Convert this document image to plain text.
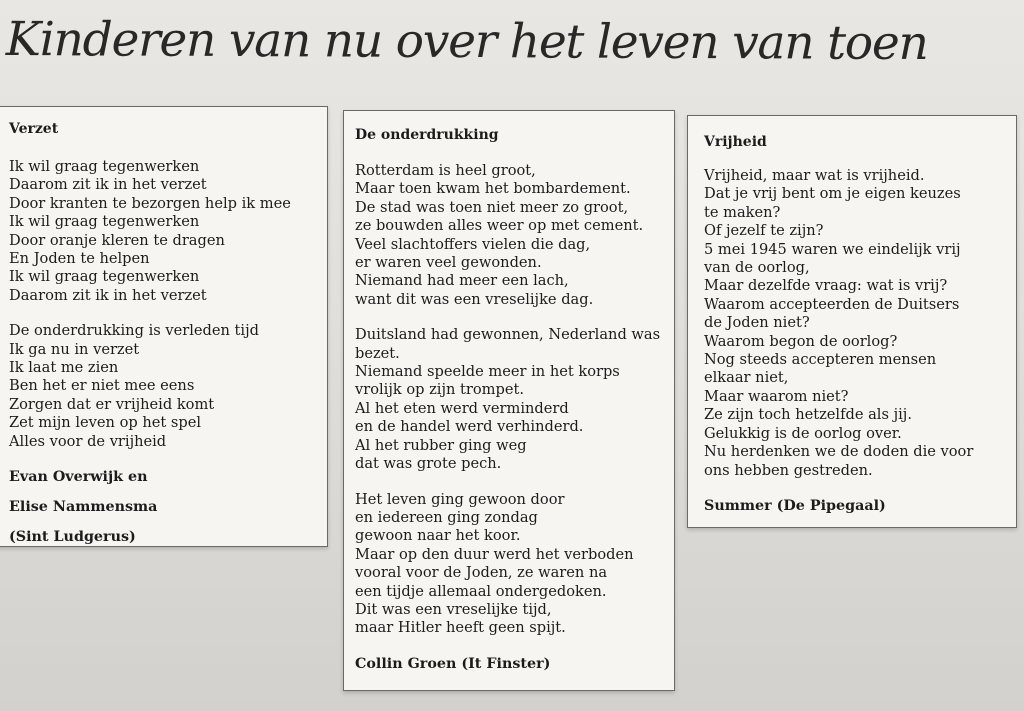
Kinderen van nu over het leven van toen
Verzet
Ik wil graag tegenwerken
Daarom zit ik in het verzet
Door kranten te bezorgen help ik mee
Ik wil graag tegenwerken
Door oranje kleren te dragen
En Joden te helpen
Ik wil graag tegenwerken
Daarom zit ik in het verzet
De onderdrukking is verleden tijd
Ik ga nu in verzet
Ik laat me zien
Ben het er niet mee eens
Zorgen dat er vrijheid komt
Zet mijn leven op het spel
Alles voor de vrijheid
Evan Overwijk en
Elise Nammensma
(Sint Ludgerus)
De onderdrukking
Rotterdam is heel groot,
Maar toen kwam het bombardement.
De stad was toen niet meer zo groot,
ze bouwden alles weer op met cement.
Veel slachtoffers vielen die dag,
er waren veel gewonden.
Niemand had meer een lach,
want dit was een vreselijke dag.
Duitsland had gewonnen, Nederland was
bezet.
Niemand speelde meer in het korps
vrolijk op zijn trompet.
Al het eten werd verminderd
en de handel werd verhinderd.
Al het rubber ging weg
dat was grote pech.
Het leven ging gewoon door
en iedereen ging zondag
gewoon naar het koor.
Maar op den duur werd het verboden
vooral voor de Joden, ze waren na
een tijdje allemaal ondergedoken.
Dit was een vreselijke tijd,
maar Hitler heeft geen spijt.
Collin Groen (It Finster)
Vrijheid
Vrijheid, maar wat is vrijheid.
Dat je vrij bent om je eigen keuzes
te maken?
Of jezelf te zijn?
5 mei 1945 waren we eindelijk vrij
van de oorlog,
Maar dezelfde vraag: wat is vrij?
Waarom accepteerden de Duitsers
de Joden niet?
Waarom begon de oorlog?
Nog steeds accepteren mensen
elkaar niet,
Maar waarom niet?
Ze zijn toch hetzelfde als jij.
Gelukkig is de oorlog over.
Nu herdenken we de doden die voor
ons hebben gestreden.
Summer (De Pipegaal)
